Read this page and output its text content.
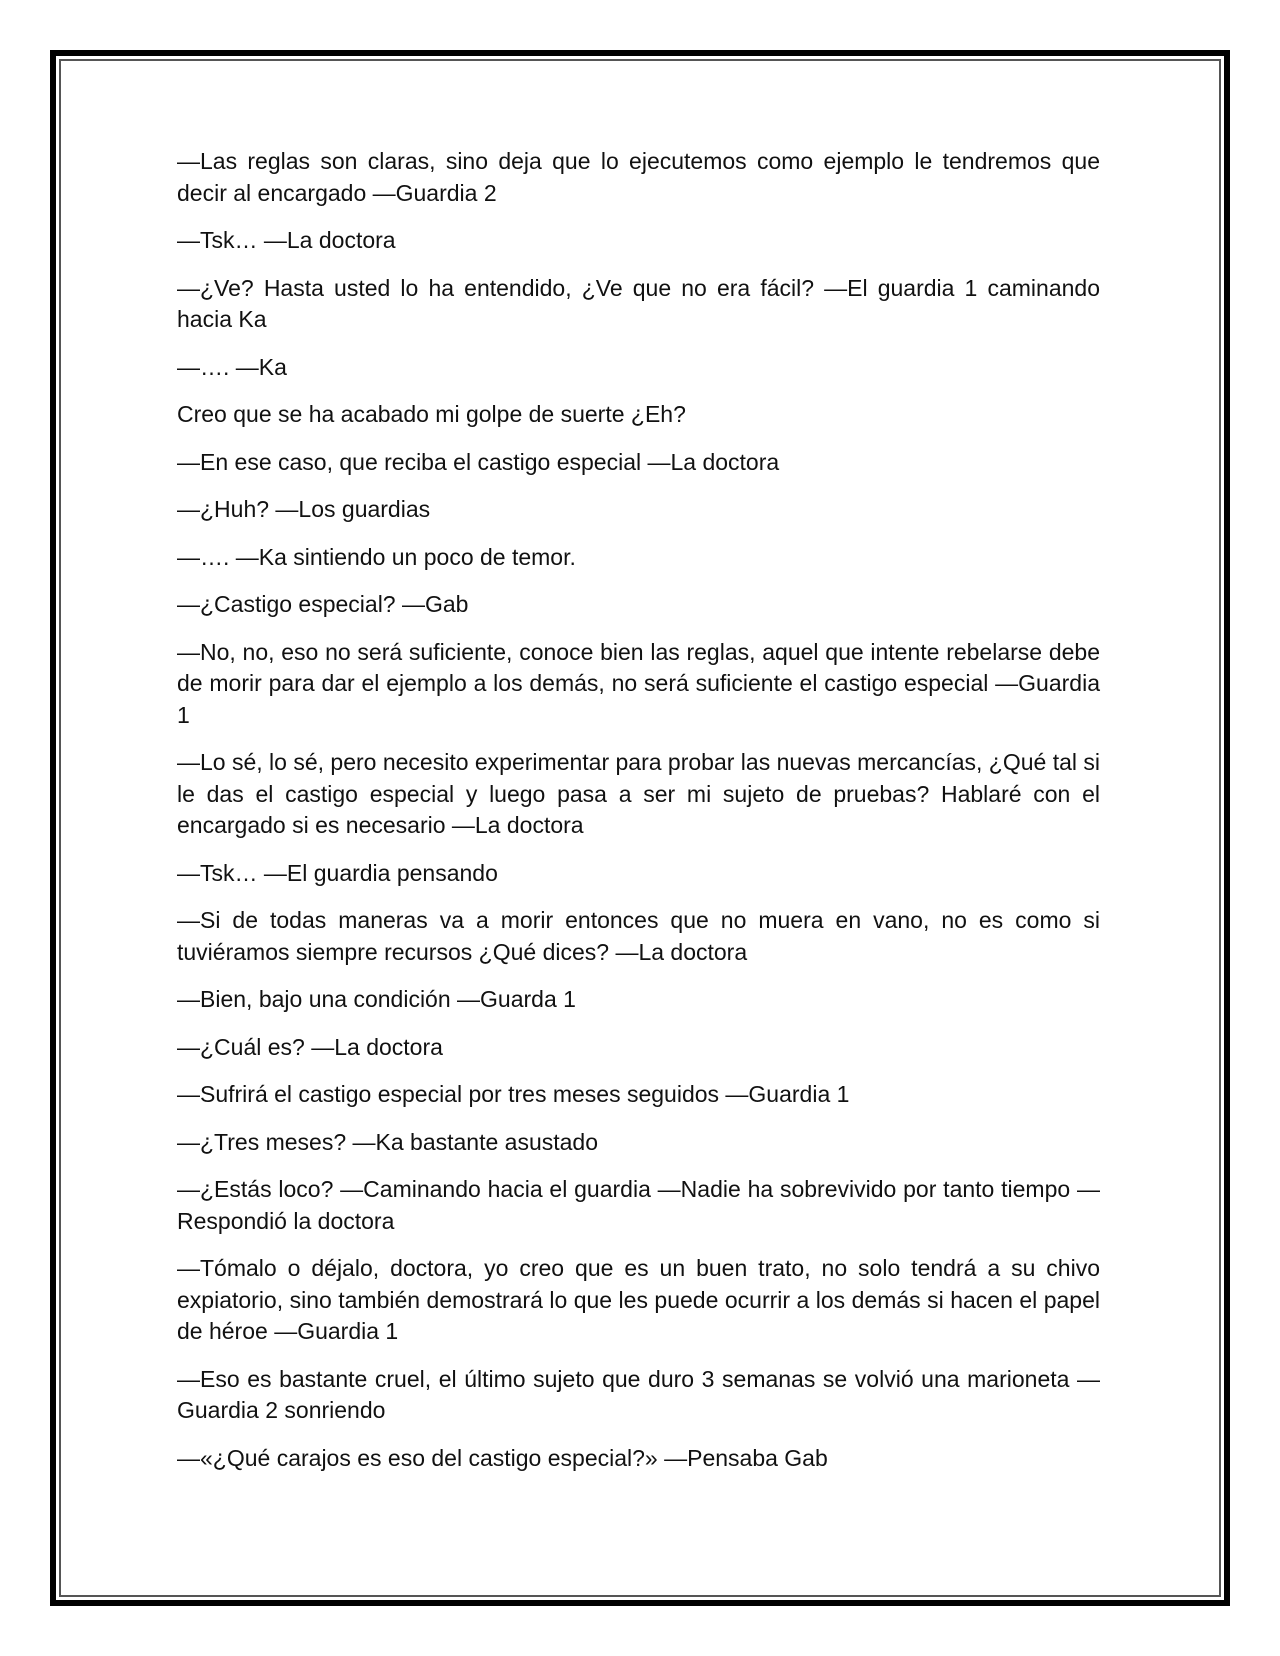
—Las reglas son claras, sino deja que lo ejecutemos como ejemplo le tendremos que decir al encargado —Guardia 2

—Tsk… —La doctora

—¿Ve? Hasta usted lo ha entendido, ¿Ve que no era fácil? —El guardia 1 caminando hacia Ka

—…. —Ka

Creo que se ha acabado mi golpe de suerte ¿Eh?

—En ese caso, que reciba el castigo especial —La doctora

—¿Huh? —Los guardias

—…. —Ka sintiendo un poco de temor.

—¿Castigo especial? —Gab

—No, no, eso no será suficiente, conoce bien las reglas, aquel que intente rebelarse debe de morir para dar el ejemplo a los demás, no será suficiente el castigo especial —Guardia 1

—Lo sé, lo sé, pero necesito experimentar para probar las nuevas mercancías, ¿Qué tal si le das el castigo especial y luego pasa a ser mi sujeto de pruebas? Hablaré con el encargado si es necesario —La doctora

—Tsk… —El guardia pensando

—Si de todas maneras va a morir entonces que no muera en vano, no es como si tuviéramos siempre recursos ¿Qué dices? —La doctora

—Bien, bajo una condición —Guarda 1

—¿Cuál es? —La doctora

—Sufrirá el castigo especial por tres meses seguidos —Guardia 1

—¿Tres meses? —Ka bastante asustado

—¿Estás loco? —Caminando hacia el guardia —Nadie ha sobrevivido por tanto tiempo —Respondió la doctora

—Tómalo o déjalo, doctora, yo creo que es un buen trato, no solo tendrá a su chivo expiatorio, sino también demostrará lo que les puede ocurrir a los demás si hacen el papel de héroe —Guardia 1

—Eso es bastante cruel, el último sujeto que duro 3 semanas se volvió una marioneta —Guardia 2 sonriendo

—«¿Qué carajos es eso del castigo especial?» —Pensaba Gab
